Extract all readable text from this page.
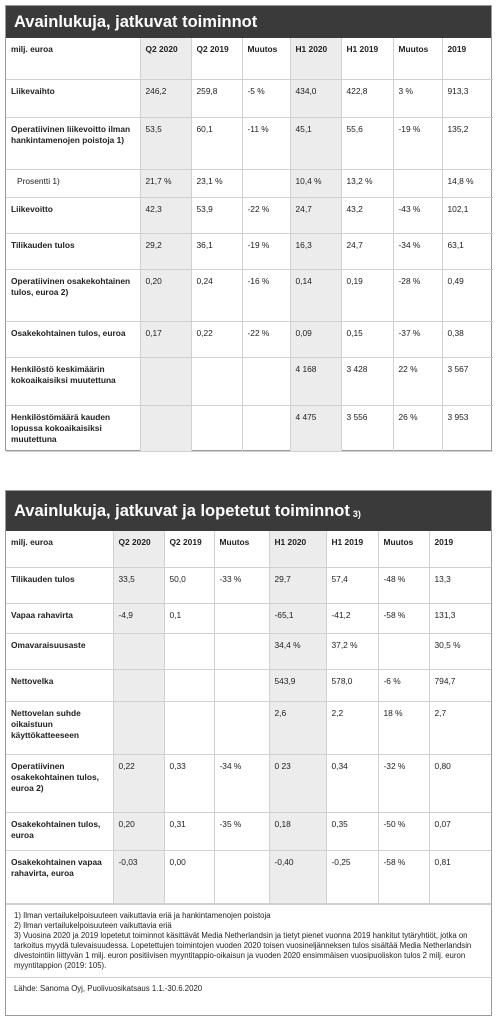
Avainlukuja, jatkuvat toiminnot
milj. euroa	Q2 2020	Q2 2019	Muutos	H1 2020	H1 2019	Muutos	2019
Liikevaihto	246,2	259,8	-5 %	434,0	422,8	3 %	913,3
Operatiivinen liikevoitto ilman hankintamenojen poistoja 1)	53,5	60,1	-11 %	45,1	55,6	-19 %	135,2
Prosentti 1)	21,7 %	23,1 %		10,4 %	13,2 %		14,8 %
Liikevoitto	42,3	53,9	-22 %	24,7	43,2	-43 %	102,1
Tilikauden tulos	29,2	36,1	-19 %	16,3	24,7	-34 %	63,1
Operatiivinen osakekohtainen tulos, euroa 2)	0,20	0,24	-16 %	0,14	0,19	-28 %	0,49
Osakekohtainen tulos, euroa	0,17	0,22	-22 %	0,09	0,15	-37 %	0,38
Henkilöstö keskimäärin kokoaikaisiksi muutettuna				4 168	3 428	22 %	3 567
Henkilöstömäärä kauden lopussa kokoaikaisiksi muutettuna				4 475	3 556	26 %	3 953
Avainlukuja, jatkuvat ja lopetetut toiminnot 3)
milj. euroa	Q2 2020	Q2 2019	Muutos	H1 2020	H1 2019	Muutos	2019
Tilikauden tulos	33,5	50,0	-33 %	29,7	57,4	-48 %	13,3
Vapaa rahavirta	-4,9	0,1		-65,1	-41,2	-58 %	131,3
Omavaraisuusaste				34,4 %	37,2 %		30,5 %
Nettovelka				543,9	578,0	-6 %	794,7
Nettovelan suhde oikaistuun käyttökatteeseen				2,6	2,2	18 %	2,7
Operatiivinen osakekohtainen tulos, euroa 2)	0,22	0,33	-34 %	0 23	0,34	-32 %	0,80
Osakekohtainen tulos, euroa	0,20	0,31	-35 %	0,18	0,35	-50 %	0,07
Osakekohtainen vapaa rahavirta, euroa	-0,03	0,00		-0,40	-0,25	-58 %	0,81
1) Ilman vertailukelpoisuuteen vaikuttavia eriä ja hankintamenojen poistoja
2) Ilman vertailukelpoisuuteen vaikuttavia eriä
3) Vuosina 2020 ja 2019 lopetetut toiminnot käsittävät Media Netherlandsin ja tietyt pienet vuonna 2019 hankitut tytäryhtiöt, jotka on tarkoitus myydä tulevaisuudessa. Lopetettujen toimintojen vuoden 2020 toisen vuosineljänneksen tulos sisältää Media Netherlandsin divestointiin liittyvän 1 milj. euron positiivisen myyntitappio-oikaisun ja vuoden 2020 ensimmäisen vuosipuoliskon tulos 2 milj. euron myyntitappion (2019: 105).
Lähde: Sanoma Oyj, Puolivuosikatsaus 1.1.-30.6.2020
